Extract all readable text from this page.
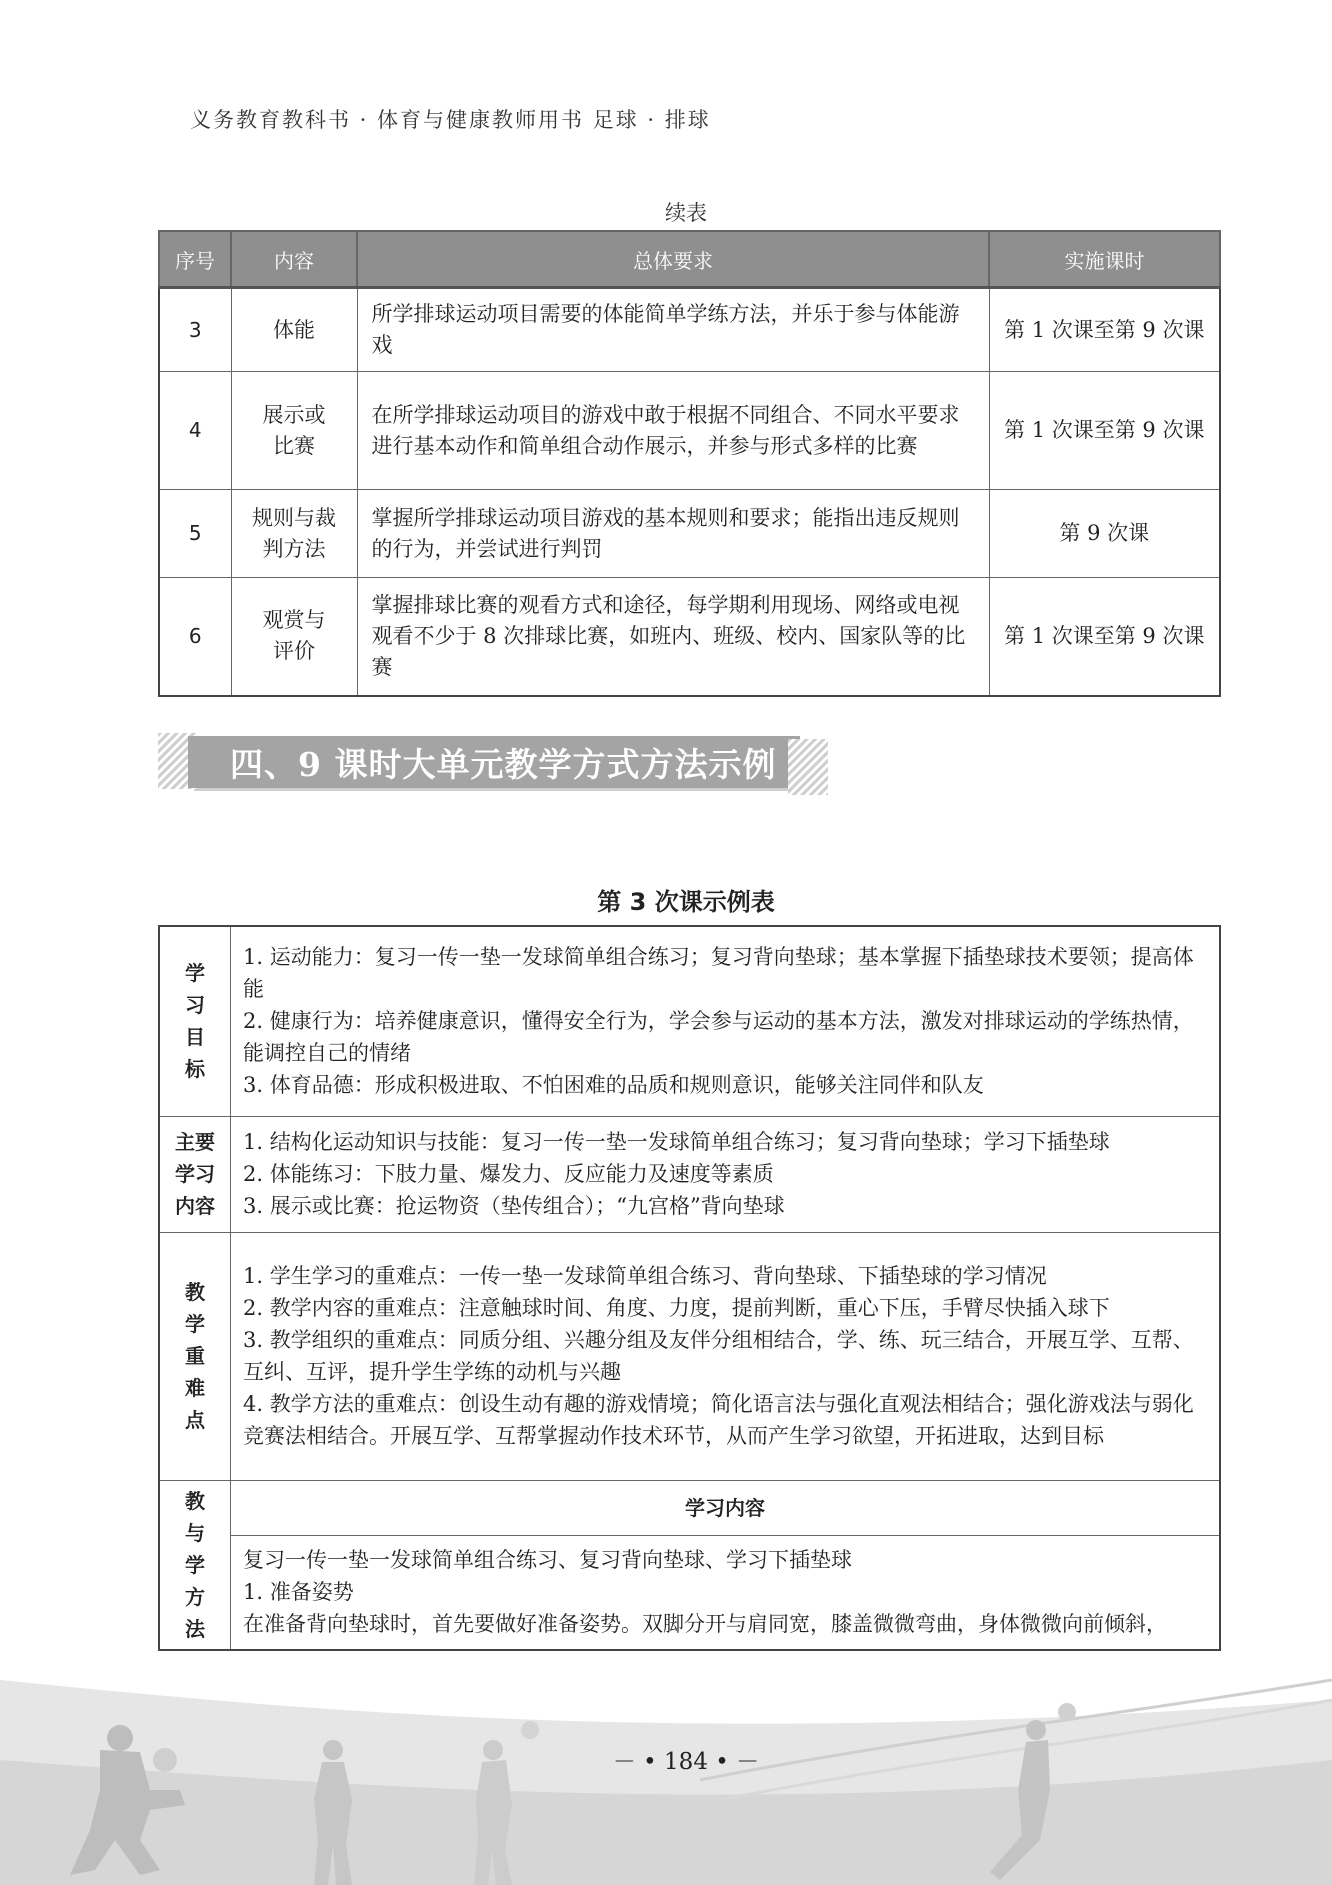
义务教育教科书 · 体育与健康教师用书 足球 · 排球
续表
序号	内容	总体要求	实施课时
3	体能	所学排球运动项目需要的体能简单学练方法，并乐于参与体能游戏	第 1 次课至第 9 次课
4	展示或比赛	在所学排球运动项目的游戏中敢于根据不同组合、不同水平要求进行基本动作和简单组合动作展示，并参与形式多样的比赛	第 1 次课至第 9 次课
5	规则与裁判方法	掌握所学排球运动项目游戏的基本规则和要求；能指出违反规则的行为，并尝试进行判罚	第 9 次课
6	观赏与评价	掌握排球比赛的观看方式和途径，每学期利用现场、网络或电视观看不少于 8 次排球比赛，如班内、班级、校内、国家队等的比赛	第 1 次课至第 9 次课
四、9 课时大单元教学方式方法示例
第 3 次课示例表
学习目标	1. 运动能力：复习一传一垫一发球简单组合练习；复习背向垫球；基本掌握下插垫球技术要领；提高体能
2. 健康行为：培养健康意识，懂得安全行为，学会参与运动的基本方法，激发对排球运动的学练热情，能调控自己的情绪
3. 体育品德：形成积极进取、不怕困难的品质和规则意识，能够关注同伴和队友

主要学习内容	1. 结构化运动知识与技能：复习一传一垫一发球简单组合练习；复习背向垫球；学习下插垫球
2. 体能练习：下肢力量、爆发力、反应能力及速度等素质
3. 展示或比赛：抢运物资（垫传组合）；“九宫格”背向垫球

教学重难点	1. 学生学习的重难点：一传一垫一发球简单组合练习、背向垫球、下插垫球的学习情况
2. 教学内容的重难点：注意触球时间、角度、力度，提前判断，重心下压，手臂尽快插入球下
3. 教学组织的重难点：同质分组、兴趣分组及友伴分组相结合，学、练、玩三结合，开展互学、互帮、互纠、互评，提升学生学练的动机与兴趣
4. 教学方法的重难点：创设生动有趣的游戏情境；简化语言法与强化直观法相结合；强化游戏法与弱化竞赛法相结合。开展互学、互帮掌握动作技术环节，从而产生学习欲望，开拓进取，达到目标

教与学方法	学习内容

	复习一传一垫一发球简单组合练习、复习背向垫球、学习下插垫球
1. 准备姿势
在准备背向垫球时，首先要做好准备姿势。双脚分开与肩同宽，膝盖微微弯曲，身体微微向前倾斜，
－ • 184 • －
